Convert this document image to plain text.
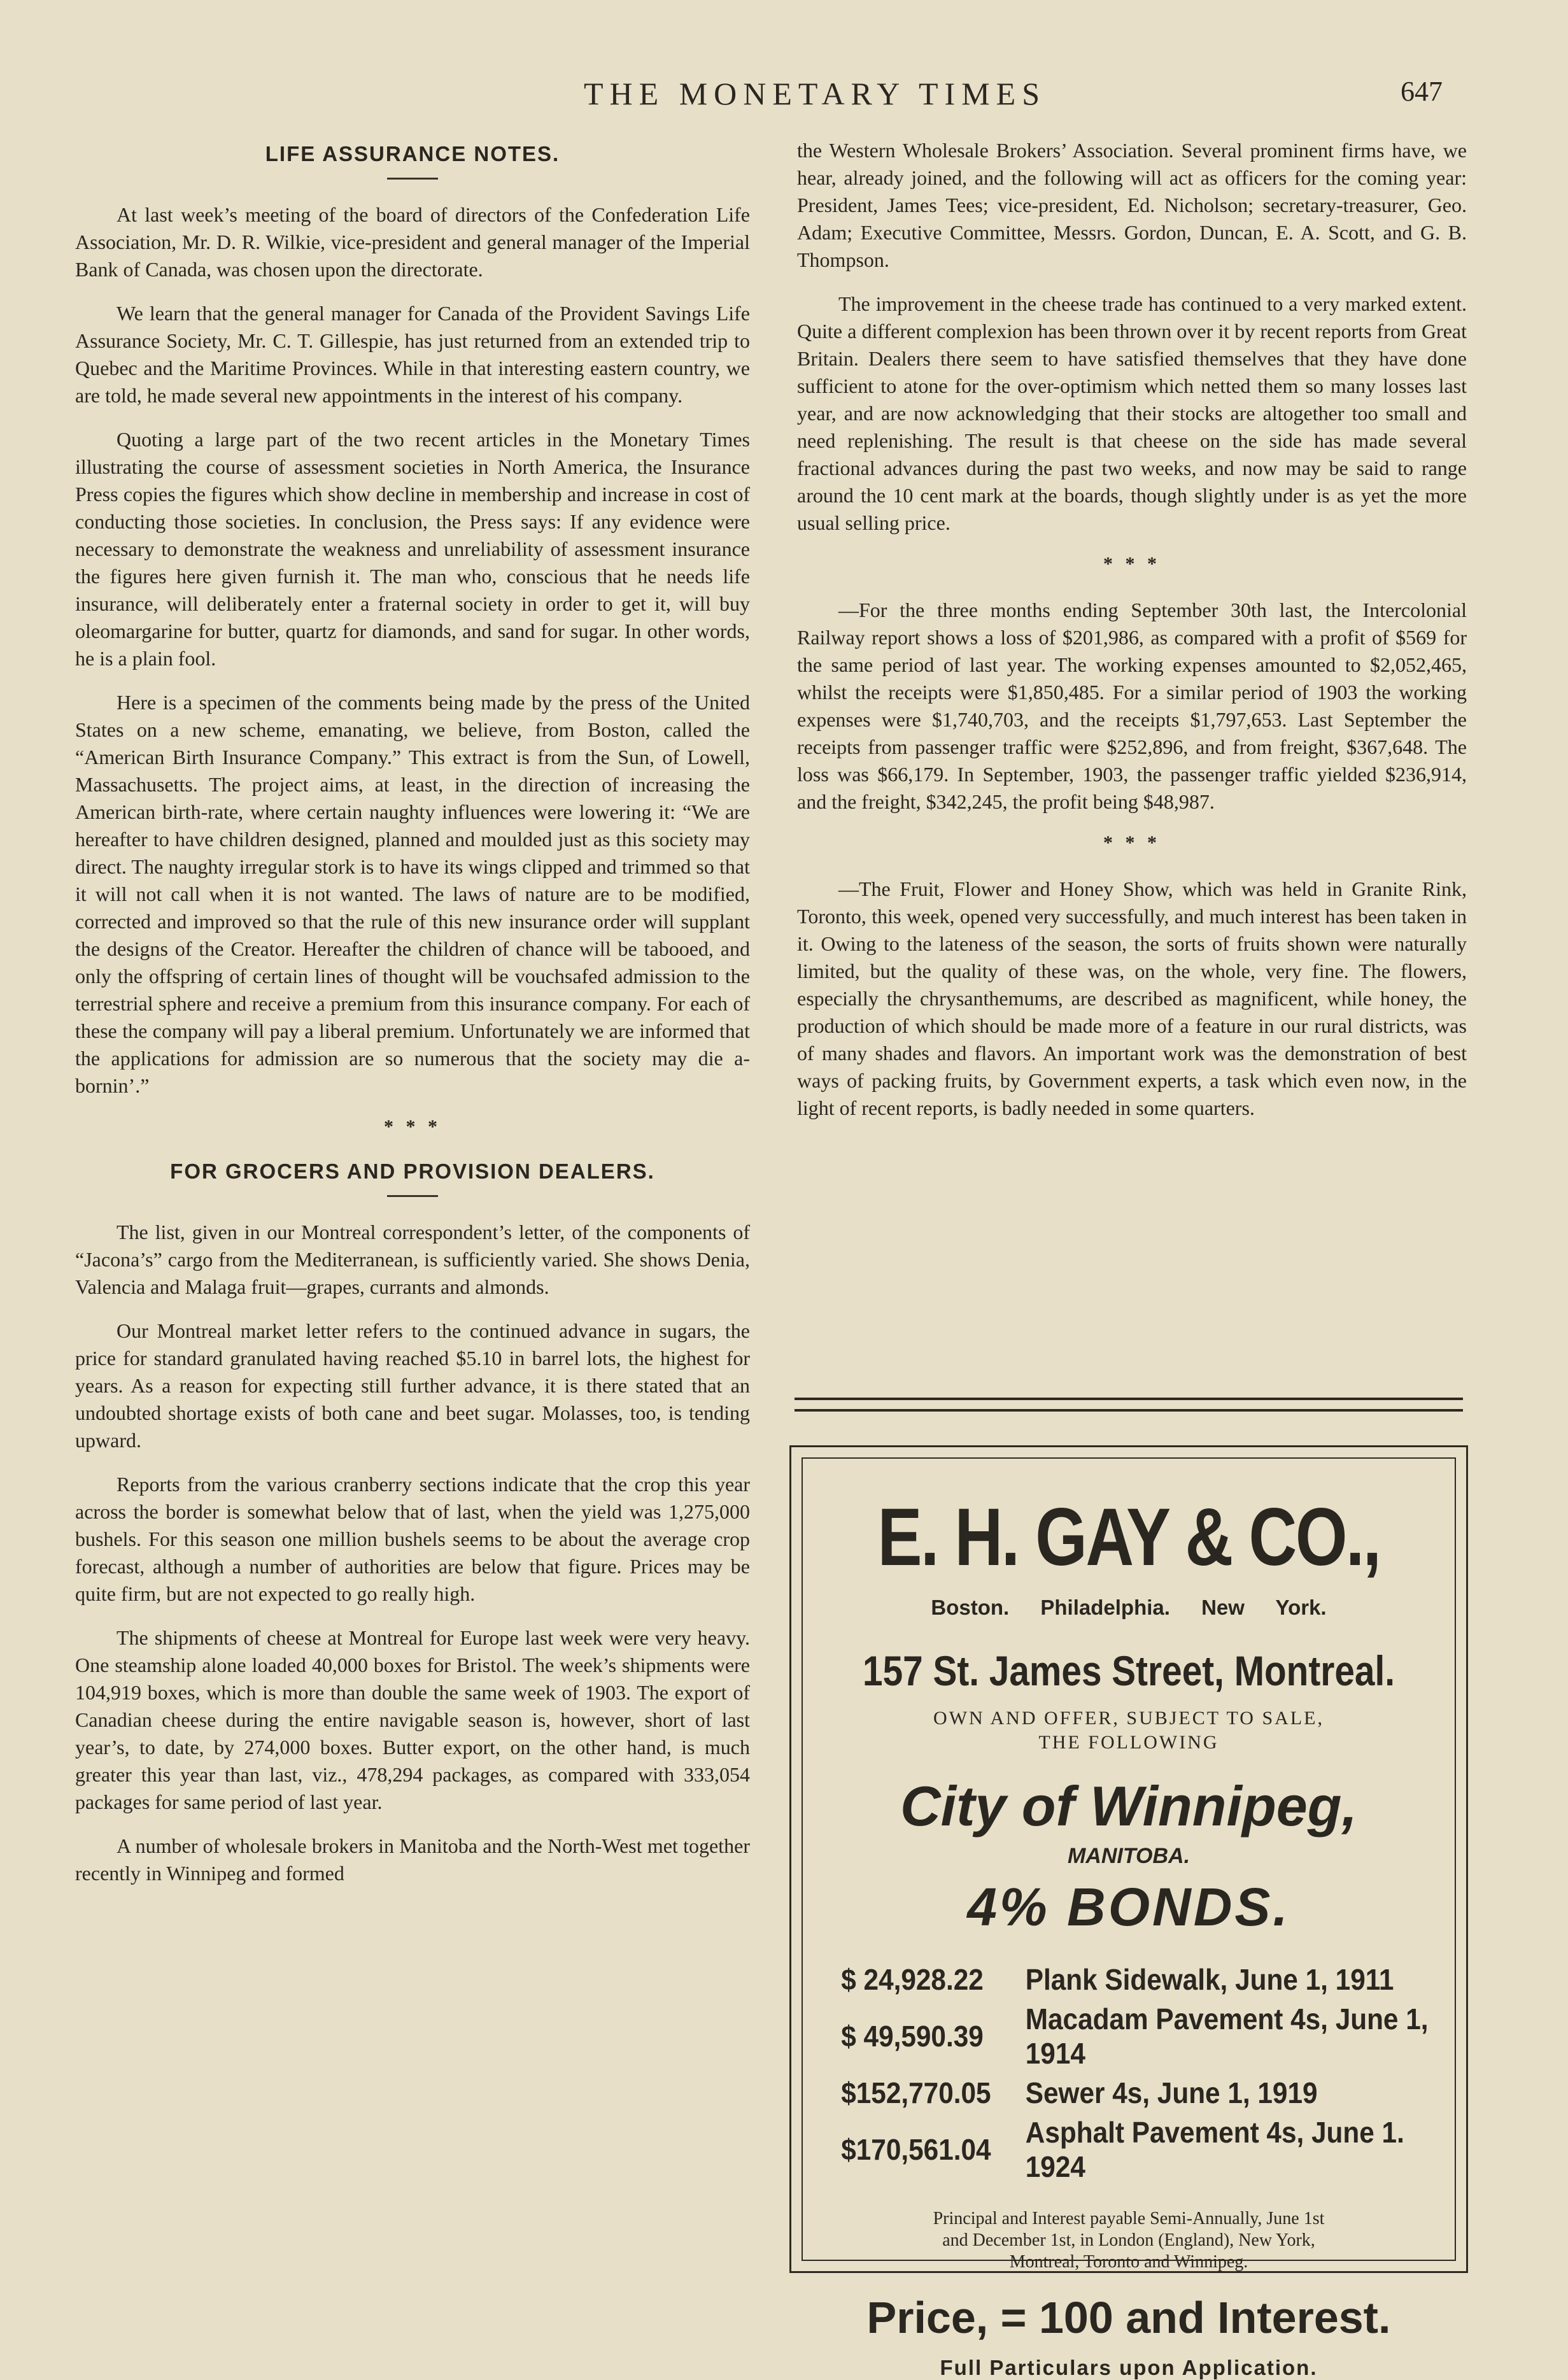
THE MONETARY TIMES	647
LIFE ASSURANCE NOTES.

At last week’s meeting of the board of directors of the Confederation Life Association, Mr. D. R. Wilkie, vice-president and general manager of the Imperial Bank of Canada, was chosen upon the directorate.

We learn that the general manager for Canada of the Provident Savings Life Assurance Society, Mr. C. T. Gillespie, has just returned from an extended trip to Quebec and the Maritime Provinces. While in that interesting eastern country, we are told, he made several new appointments in the interest of his company.

Quoting a large part of the two recent articles in the Monetary Times illustrating the course of assessment societies in North America, the Insurance Press copies the figures which show decline in membership and increase in cost of conducting those societies. In conclusion, the Press says: If any evidence were necessary to demonstrate the weakness and unreliability of assessment insurance the figures here given furnish it. The man who, conscious that he needs life insurance, will deliberately enter a fraternal society in order to get it, will buy oleomargarine for butter, quartz for diamonds, and sand for sugar. In other words, he is a plain fool.

Here is a specimen of the comments being made by the press of the United States on a new scheme, emanating, we believe, from Boston, called the “American Birth Insurance Company.” This extract is from the Sun, of Lowell, Massachusetts. The project aims, at least, in the direction of increasing the American birth-rate, where certain naughty influences were lowering it: “We are hereafter to have children designed, planned and moulded just as this society may direct. The naughty irregular stork is to have its wings clipped and trimmed so that it will not call when it is not wanted. The laws of nature are to be modified, corrected and improved so that the rule of this new insurance order will supplant the designs of the Creator. Hereafter the children of chance will be tabooed, and only the offspring of certain lines of thought will be vouchsafed admission to the terrestrial sphere and receive a premium from this insurance company. For each of these the company will pay a liberal premium. Unfortunately we are informed that the applications for admission are so numerous that the society may die a-bornin’.”

* * *
FOR GROCERS AND PROVISION DEALERS.

The list, given in our Montreal correspondent’s letter, of the components of “Jacona’s” cargo from the Mediterranean, is sufficiently varied. She shows Denia, Valencia and Malaga fruit—grapes, currants and almonds.

Our Montreal market letter refers to the continued advance in sugars, the price for standard granulated having reached $5.10 in barrel lots, the highest for years. As a reason for expecting still further advance, it is there stated that an undoubted shortage exists of both cane and beet sugar. Molasses, too, is tending upward.

Reports from the various cranberry sections indicate that the crop this year across the border is somewhat below that of last, when the yield was 1,275,000 bushels. For this season one million bushels seems to be about the average crop forecast, although a number of authorities are below that figure. Prices may be quite firm, but are not expected to go really high.

The shipments of cheese at Montreal for Europe last week were very heavy. One steamship alone loaded 40,000 boxes for Bristol. The week’s shipments were 104,919 boxes, which is more than double the same week of 1903. The export of Canadian cheese during the entire navigable season is, however, short of last year’s, to date, by 274,000 boxes. Butter export, on the other hand, is much greater this year than last, viz., 478,294 packages, as compared with 333,054 packages for same period of last year.

A number of wholesale brokers in Manitoba and the North-West met together recently in Winnipeg and formed

the Western Wholesale Brokers’ Association. Several prominent firms have, we hear, already joined, and the following will act as officers for the coming year: President, James Tees; vice-president, Ed. Nicholson; secretary-treasurer, Geo. Adam; Executive Committee, Messrs. Gordon, Duncan, E. A. Scott, and G. B. Thompson.

The improvement in the cheese trade has continued to a very marked extent. Quite a different complexion has been thrown over it by recent reports from Great Britain. Dealers there seem to have satisfied themselves that they have done sufficient to atone for the over-optimism which netted them so many losses last year, and are now acknowledging that their stocks are altogether too small and need replenishing. The result is that cheese on the side has made several fractional advances during the past two weeks, and now may be said to range around the 10 cent mark at the boards, though slightly under is as yet the more usual selling price.

* * *

—For the three months ending September 30th last, the Intercolonial Railway report shows a loss of $201,986, as compared with a profit of $569 for the same period of last year. The working expenses amounted to $2,052,465, whilst the receipts were $1,850,485. For a similar period of 1903 the working expenses were $1,740,703, and the receipts $1,797,653. Last September the receipts from passenger traffic were $252,896, and from freight, $367,648. The loss was $66,179. In September, 1903, the passenger traffic yielded $236,914, and the freight, $342,245, the profit being $48,987.

* * *

—The Fruit, Flower and Honey Show, which was held in Granite Rink, Toronto, this week, opened very successfully, and much interest has been taken in it. Owing to the lateness of the season, the sorts of fruits shown were naturally limited, but the quality of these was, on the whole, very fine. The flowers, especially the chrysanthemums, are described as magnificent, while honey, the production of which should be made more of a feature in our rural districts, was of many shades and flavors. An important work was the demonstration of best ways of packing fruits, by Government experts, a task which even now, in the light of recent reports, is badly needed in some quarters.

E. H. GAY & CO.,
Boston. Philadelphia. New York.
157 St. James Street, Montreal.
OWN AND OFFER, SUBJECT TO SALE,
THE FOLLOWING
City of Winnipeg,
MANITOBA.
4% BONDS.
$ 24,928.22	Plank Sidewalk, June 1, 1911
$ 49,590.39	Macadam Pavement 4s, June 1, 1914
$152,770.05	Sewer 4s, June 1, 1919
$170,561.04	Asphalt Pavement 4s, June 1. 1924
Principal and Interest payable Semi-Annually, June 1st
and December 1st, in London (England), New York,
Montreal, Toronto and Winnipeg.
Price, = 100 and Interest.
Full Particulars upon Application.
